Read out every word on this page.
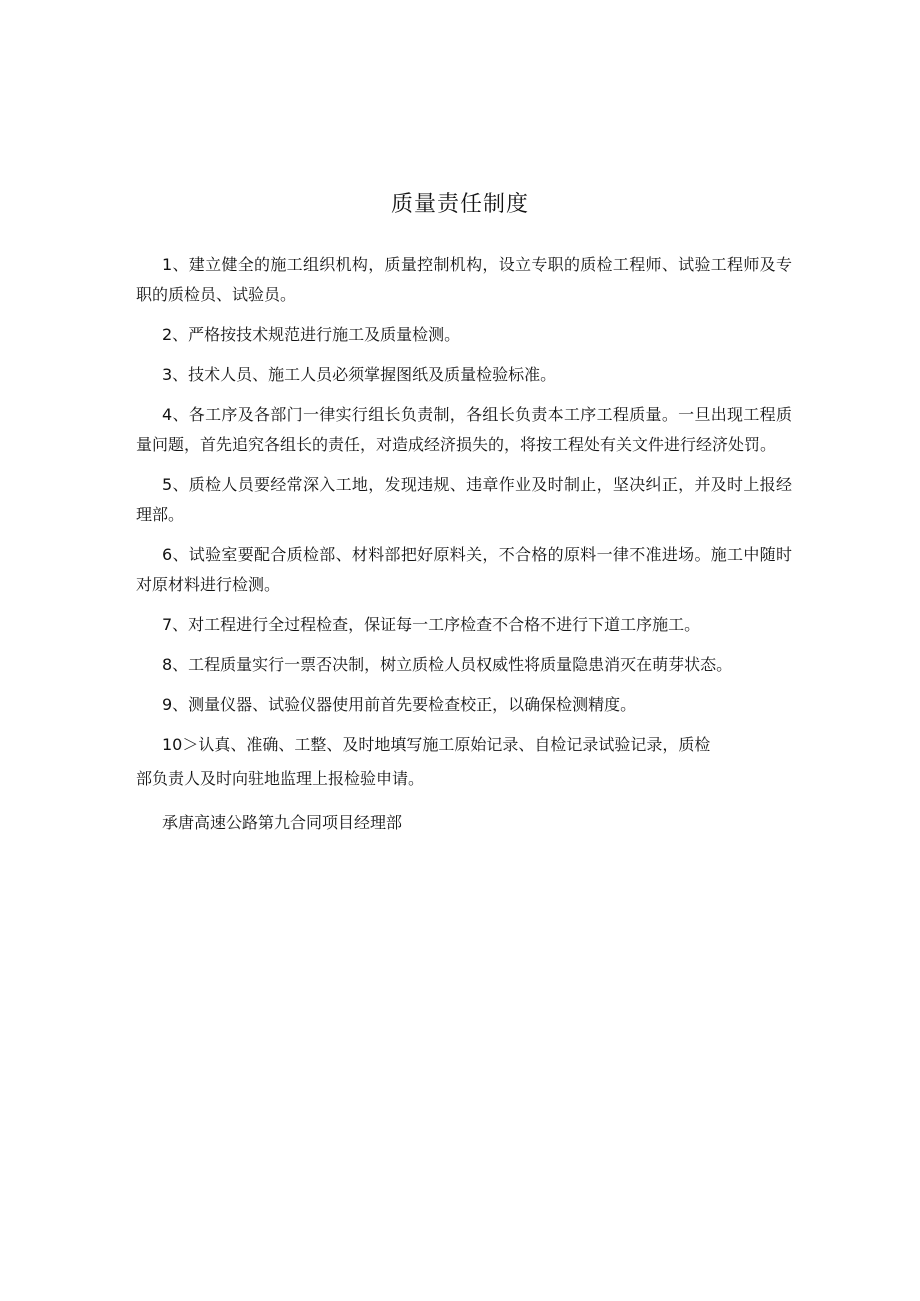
质量责任制度

1、建立健全的施工组织机构，质量控制机构，设立专职的质检工程师、试验工程师及专职的质检员、试验员。

2、严格按技术规范进行施工及质量检测。

3、技术人员、施工人员必须掌握图纸及质量检验标准。

4、各工序及各部门一律实行组长负责制，各组长负责本工序工程质量。一旦出现工程质量问题，首先追究各组长的责任，对造成经济损失的，将按工程处有关文件进行经济处罚。

5、质检人员要经常深入工地，发现违规、违章作业及时制止，坚决纠正，并及时上报经理部。

6、试验室要配合质检部、材料部把好原料关，不合格的原料一律不准进场。施工中随时对原材料进行检测。

7、对工程进行全过程检查，保证每一工序检查不合格不进行下道工序施工。

8、工程质量实行一票否决制，树立质检人员权威性将质量隐患消灭在萌芽状态。

9、测量仪器、试验仪器使用前首先要检查校正，以确保检测精度。

10＞认真、准确、工整、及时地填写施工原始记录、自检记录试验记录，质检

部负责人及时向驻地监理上报检验申请。

承唐高速公路第九合同项目经理部
